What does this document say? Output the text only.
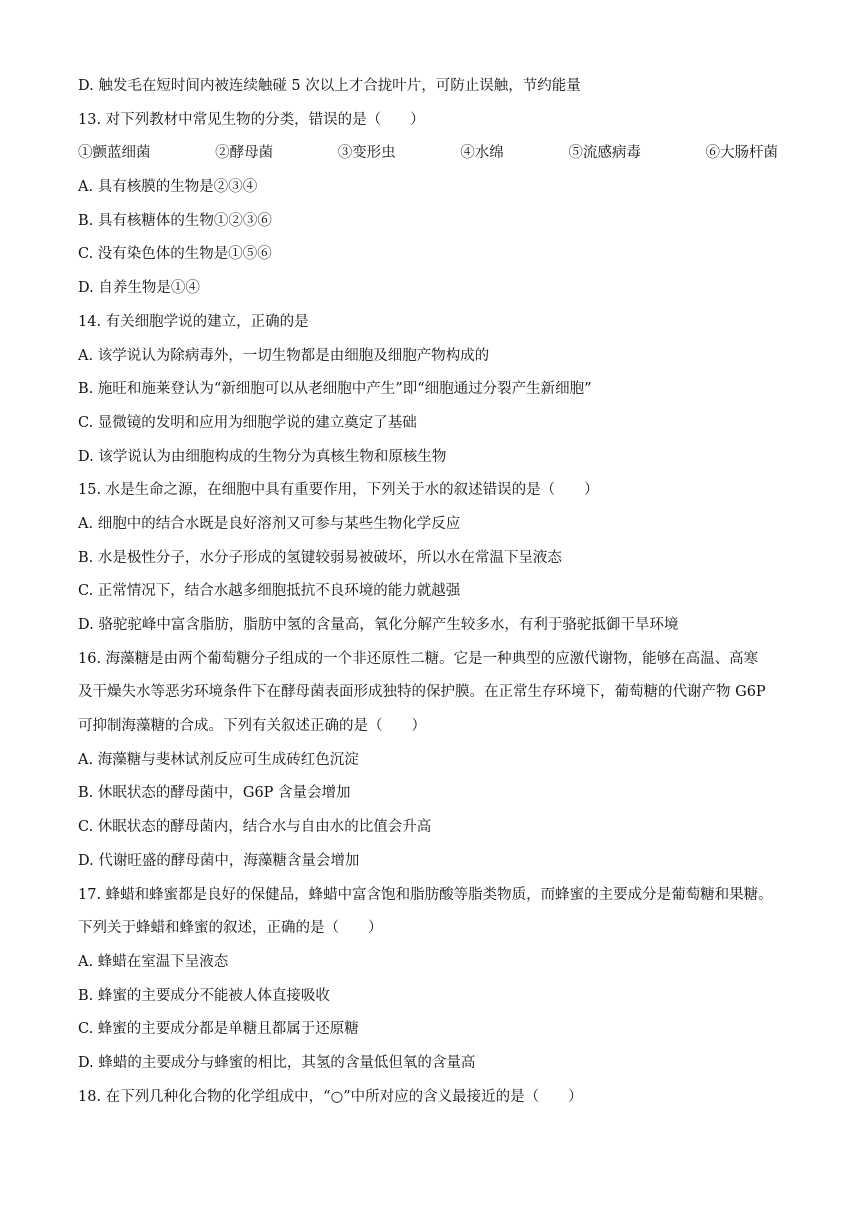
D. 触发毛在短时间内被连续触碰 5 次以上才合拢叶片，可防止误触，节约能量
13. 对下列教材中常见生物的分类，错误的是（　　）
①颤蓝细菌	②酵母菌	③变形虫	④水绵	⑤流感病毒	⑥大肠杆菌
A. 具有核膜的生物是②③④
B. 具有核糖体的生物①②③⑥
C. 没有染色体的生物是①⑤⑥
D. 自养生物是①④
14. 有关细胞学说的建立，正确的是
A. 该学说认为除病毒外，一切生物都是由细胞及细胞产物构成的
B. 施旺和施莱登认为“新细胞可以从老细胞中产生”即“细胞通过分裂产生新细胞”
C. 显微镜的发明和应用为细胞学说的建立奠定了基础
D. 该学说认为由细胞构成的生物分为真核生物和原核生物
15. 水是生命之源，在细胞中具有重要作用，下列关于水的叙述错误的是（　　）
A. 细胞中的结合水既是良好溶剂又可参与某些生物化学反应
B. 水是极性分子，水分子形成的氢键较弱易被破坏，所以水在常温下呈液态
C. 正常情况下，结合水越多细胞抵抗不良环境的能力就越强
D. 骆驼驼峰中富含脂肪，脂肪中氢的含量高，氧化分解产生较多水，有利于骆驼抵御干旱环境
16. 海藻糖是由两个葡萄糖分子组成的一个非还原性二糖。它是一种典型的应激代谢物，能够在高温、高寒
及干燥失水等恶劣环境条件下在酵母菌表面形成独特的保护膜。在正常生存环境下，葡萄糖的代谢产物 G6P
可抑制海藻糖的合成。下列有关叙述正确的是（　　）
A. 海藻糖与斐林试剂反应可生成砖红色沉淀
B. 休眠状态的酵母菌中，G6P 含量会增加
C. 休眠状态的酵母菌内，结合水与自由水的比值会升高
D. 代谢旺盛的酵母菌中，海藻糖含量会增加
17. 蜂蜡和蜂蜜都是良好的保健品，蜂蜡中富含饱和脂肪酸等脂类物质，而蜂蜜的主要成分是葡萄糖和果糖。
下列关于蜂蜡和蜂蜜的叙述，正确的是（　　）
A. 蜂蜡在室温下呈液态
B. 蜂蜜的主要成分不能被人体直接吸收
C. 蜂蜜的主要成分都是单糖且都属于还原糖
D. 蜂蜡的主要成分与蜂蜜的相比，其氢的含量低但氧的含量高
18. 在下列几种化合物的化学组成中，“○”中所对应的含义最接近的是（　　）
